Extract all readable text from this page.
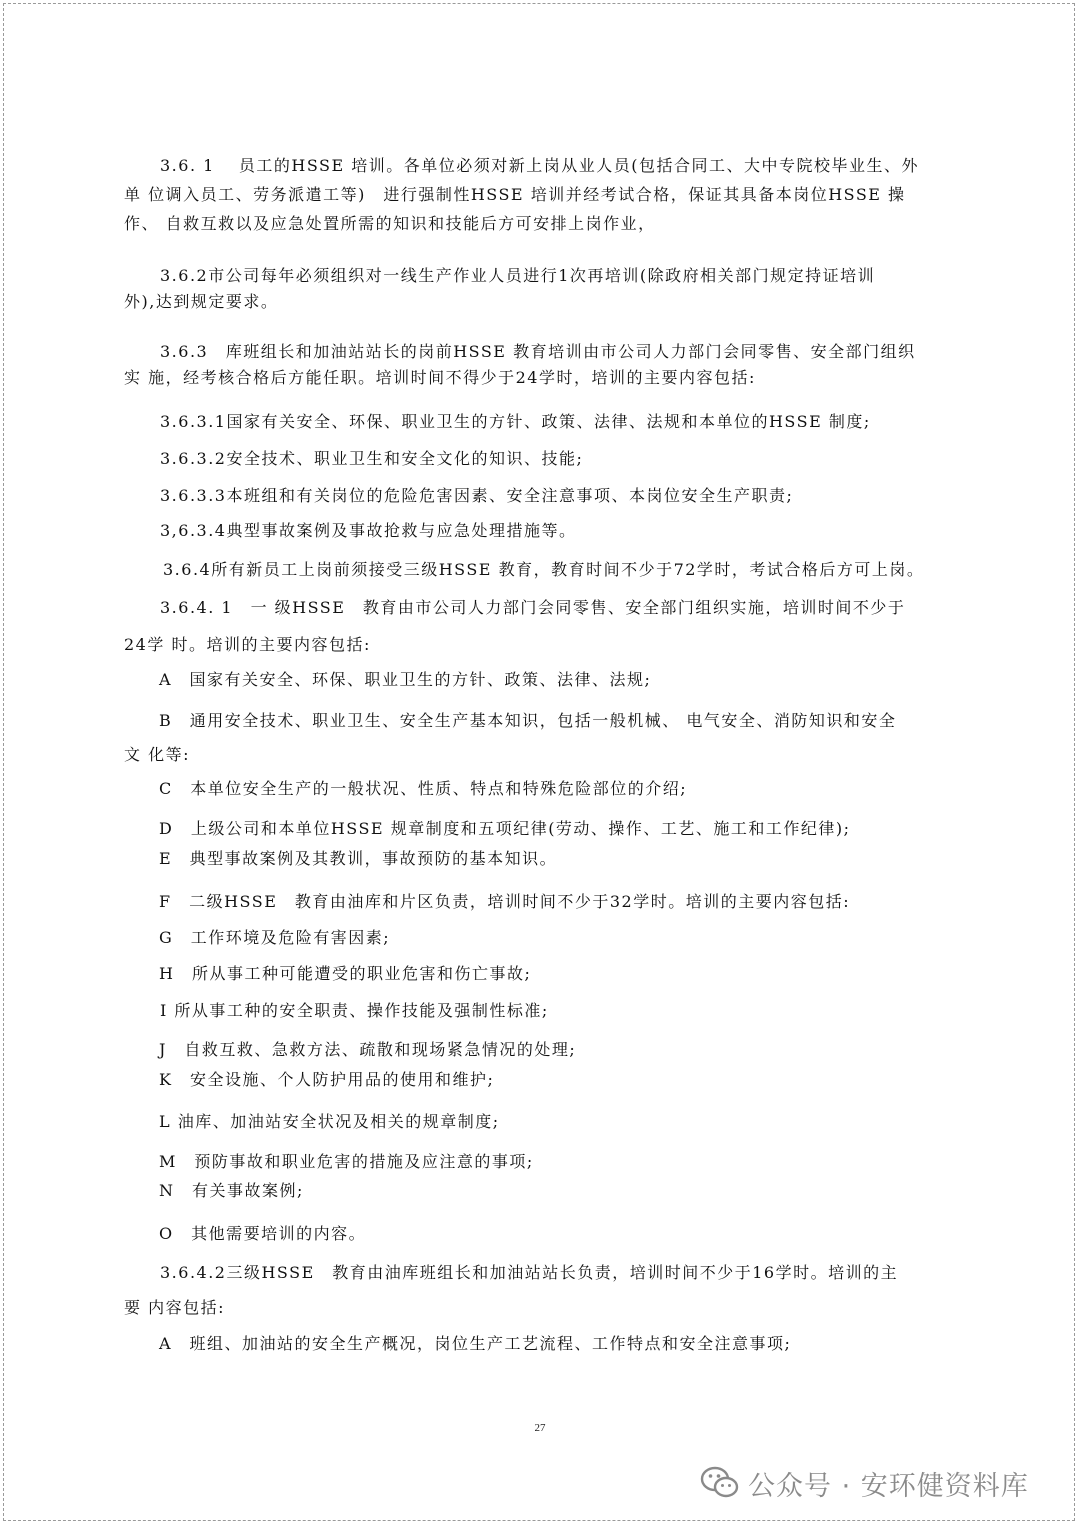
3.6. 1　 员工的HSSE 培训。各单位必须对新上岗从业人员(包括合同工、大中专院校毕业生、外
单 位调入员工、劳务派遣工等)　进行强制性HSSE 培训并经考试合格，保证其具备本岗位HSSE 操
作、 自救互救以及应急处置所需的知识和技能后方可安排上岗作业，
3.6.2市公司每年必须组织对一线生产作业人员进行1次再培训(除政府相关部门规定持证培训
外),达到规定要求。
3.6.3　库班组长和加油站站长的岗前HSSE 教育培训由市公司人力部门会同零售、安全部门组织
实 施，经考核合格后方能任职。培训时间不得少于24学时，培训的主要内容包括:
3.6.3.1国家有关安全、环保、职业卫生的方针、政策、法律、法规和本单位的HSSE 制度;
3.6.3.2安全技术、职业卫生和安全文化的知识、技能;
3.6.3.3本班组和有关岗位的危险危害因素、安全注意事项、本岗位安全生产职责;
3,6.3.4典型事故案例及事故抢救与应急处理措施等。
3.6.4所有新员工上岗前须接受三级HSSE 教育，教育时间不少于72学时，考试合格后方可上岗。
3.6.4. 1　一 级HSSE　教育由市公司人力部门会同零售、安全部门组织实施，培训时间不少于
24学 时。培训的主要内容包括:
A　国家有关安全、环保、职业卫生的方针、政策、法律、法规;
B　通用安全技术、职业卫生、安全生产基本知识，包括一般机械、 电气安全、消防知识和安全
文 化等:
C　本单位安全生产的一般状况、性质、特点和特殊危险部位的介绍;
D　上级公司和本单位HSSE 规章制度和五项纪律(劳动、操作、工艺、施工和工作纪律);
E　典型事故案例及其教训，事故预防的基本知识。
F　二级HSSE　教育由油库和片区负责，培训时间不少于32学时。培训的主要内容包括:
G　工作环境及危险有害因素;
H　所从事工种可能遭受的职业危害和伤亡事故;
I 所从事工种的安全职责、操作技能及强制性标准;
J　自救互救、急救方法、疏散和现场紧急情况的处理;
K　安全设施、个人防护用品的使用和维护;
L 油库、加油站安全状况及相关的规章制度;
M　预防事故和职业危害的措施及应注意的事项;
N　有关事故案例;
O　其他需要培训的内容。
3.6.4.2三级HSSE　教育由油库班组长和加油站站长负责，培训时间不少于16学时。培训的主
要 内容包括:
A　班组、加油站的安全生产概况，岗位生产工艺流程、工作特点和安全注意事项;
27
公众号 · 安环健资料库
